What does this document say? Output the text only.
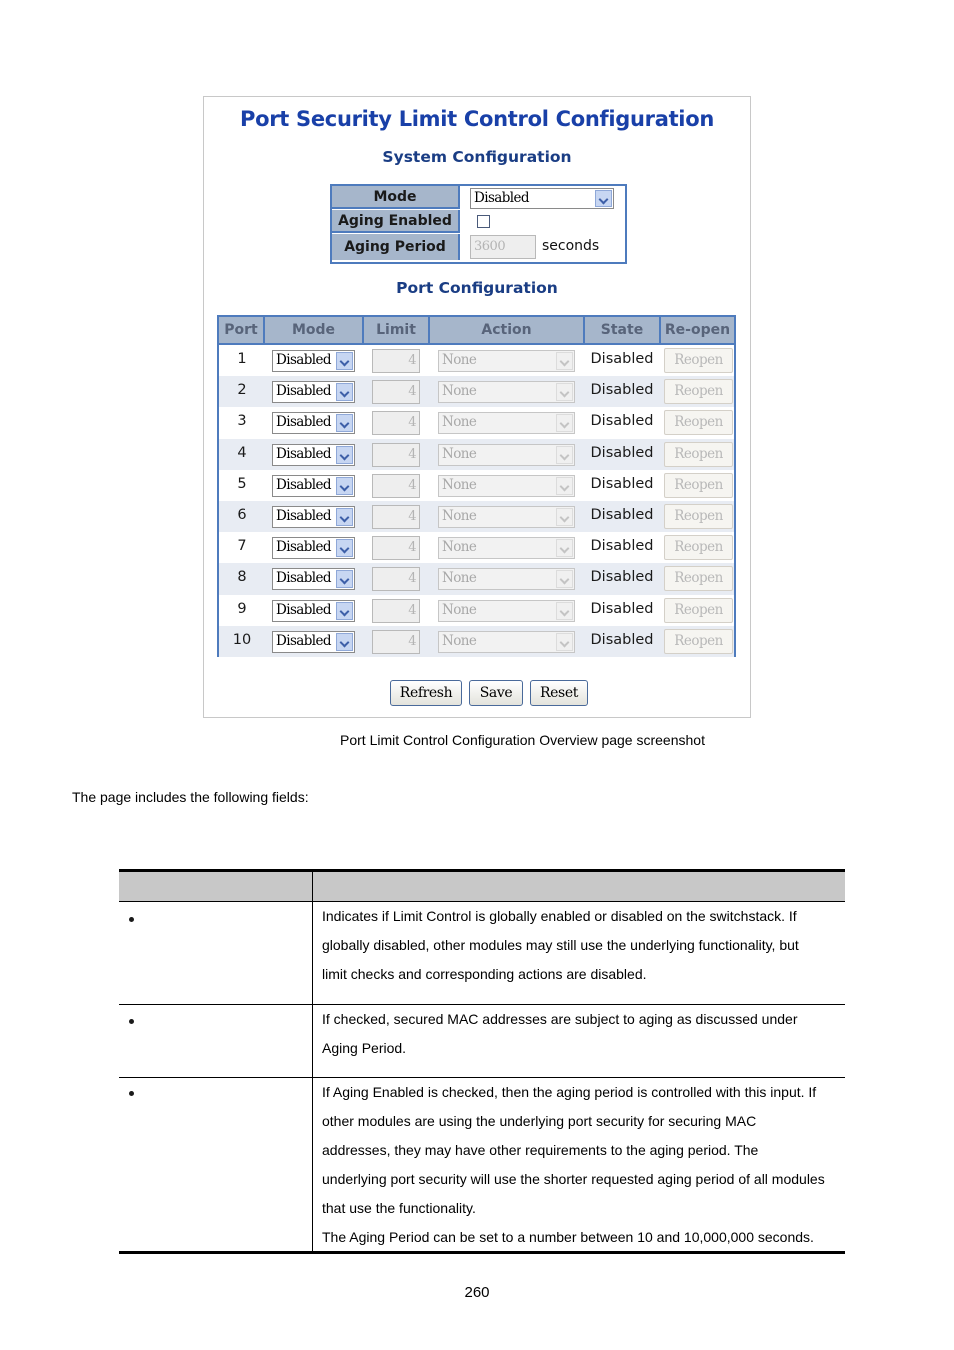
Port Security Limit Control Configuration
System Configuration
Mode	Disabled
Aging Enabled
Aging Period	3600	seconds
Port Configuration
Port	Mode	Limit	Action	State	Re-open
1	Disabled	4 None	Disabled	Reopen
2	Disabled	4 None	Disabled	Reopen
3	Disabled	4 None	Disabled	Reopen
4	Disabled	4 None	Disabled	Reopen
5	Disabled	4 None	Disabled	Reopen
6	Disabled	4 None	Disabled	Reopen
7	Disabled	4 None	Disabled	Reopen
8	Disabled	4 None	Disabled	Reopen
9	Disabled	4 None	Disabled	Reopen
10	Disabled	4 None	Disabled	Reopen
Refresh	Save	Reset
Port Limit Control Configuration Overview page screenshot
The page includes the following fields:
Indicates if Limit Control is globally enabled or disabled on the switchstack. If
globally disabled, other modules may still use the underlying functionality, but
limit checks and corresponding actions are disabled.
If checked, secured MAC addresses are subject to aging as discussed under
Aging Period.
If Aging Enabled is checked, then the aging period is controlled with this input. If
other modules are using the underlying port security for securing MAC
addresses, they may have other requirements to the aging period. The
underlying port security will use the shorter requested aging period of all modules
that use the functionality.
The Aging Period can be set to a number between 10 and 10,000,000 seconds.
260
